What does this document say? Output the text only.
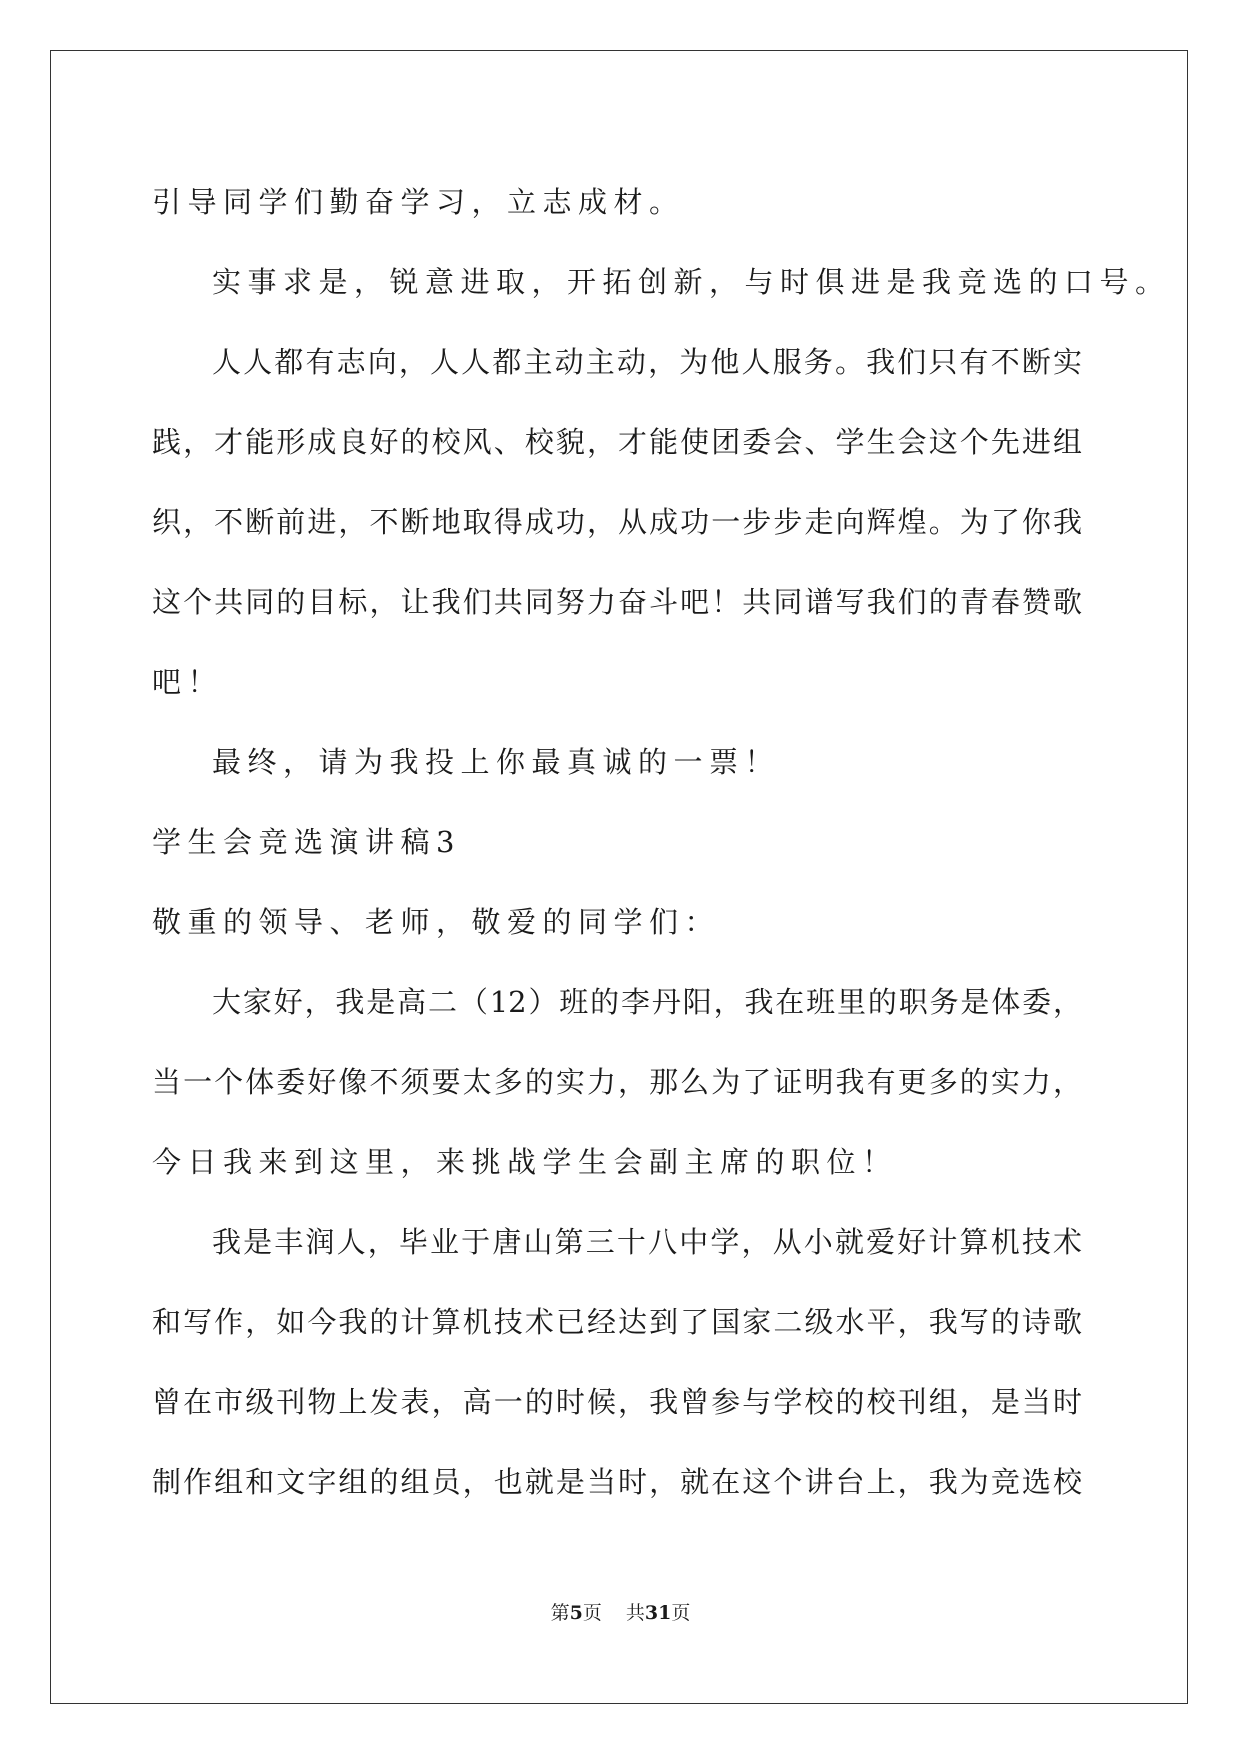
引导同学们勤奋学习，立志成材。
实事求是，锐意进取，开拓创新，与时俱进是我竞选的口号。
人人都有志向，人人都主动主动，为他人服务。我们只有不断实
践，才能形成良好的校风、校貌，才能使团委会、学生会这个先进组
织，不断前进，不断地取得成功，从成功一步步走向辉煌。为了你我
这个共同的目标，让我们共同努力奋斗吧！共同谱写我们的青春赞歌
吧！
最终，请为我投上你最真诚的一票！
学生会竞选演讲稿3
敬重的领导、老师，敬爱的同学们：
大家好，我是高二（12）班的李丹阳，我在班里的职务是体委，
当一个体委好像不须要太多的实力，那么为了证明我有更多的实力，
今日我来到这里，来挑战学生会副主席的职位！
我是丰润人，毕业于唐山第三十八中学，从小就爱好计算机技术
和写作，如今我的计算机技术已经达到了国家二级水平，我写的诗歌
曾在市级刊物上发表，高一的时候，我曾参与学校的校刊组，是当时
制作组和文字组的组员，也就是当时，就在这个讲台上，我为竞选校
第5页 共31页
